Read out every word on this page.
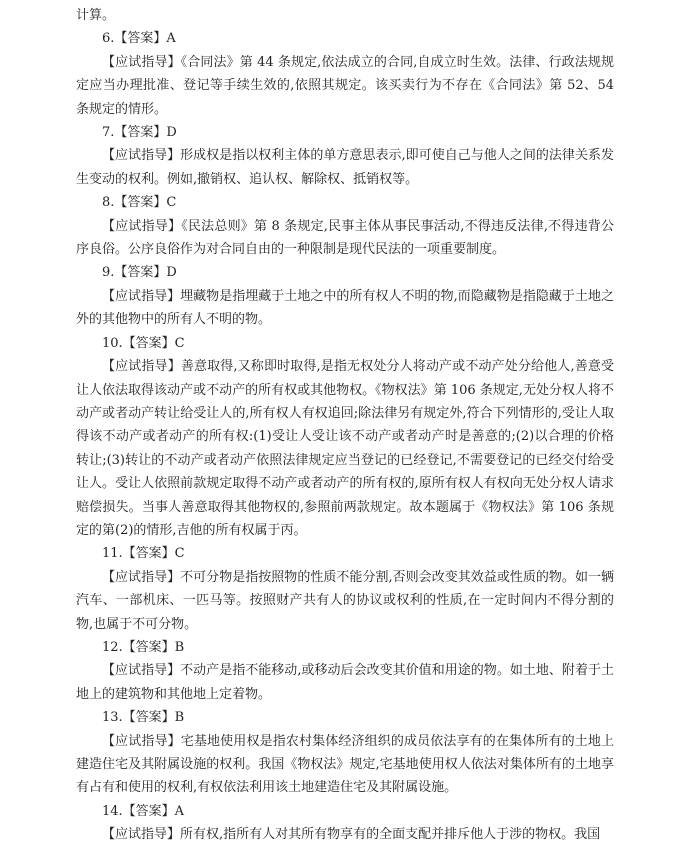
计算。

6.【答案】A

【应试指导】《合同法》第 44 条规定,依法成立的合同,自成立时生效。法律、行政法规规定应当办理批准、登记等手续生效的,依照其规定。该买卖行为不存在《合同法》第 52、54 条规定的情形。

7.【答案】D

【应试指导】形成权是指以权利主体的单方意思表示,即可使自己与他人之间的法律关系发生变动的权利。例如,撤销权、追认权、解除权、抵销权等。

8.【答案】C

【应试指导】《民法总则》第 8 条规定,民事主体从事民事活动,不得违反法律,不得违背公序良俗。公序良俗作为对合同自由的一种限制是现代民法的一项重要制度。

9.【答案】D

【应试指导】埋藏物是指埋藏于土地之中的所有权人不明的物,而隐藏物是指隐藏于土地之外的其他物中的所有人不明的物。

10.【答案】C

【应试指导】善意取得,又称即时取得,是指无权处分人将动产或不动产处分给他人,善意受让人依法取得该动产或不动产的所有权或其他物权。《物权法》第 106 条规定,无处分权人将不动产或者动产转让给受让人的,所有权人有权追回;除法律另有规定外,符合下列情形的,受让人取得该不动产或者动产的所有权:(1)受让人受让该不动产或者动产时是善意的;(2)以合理的价格转让;(3)转让的不动产或者动产依照法律规定应当登记的已经登记,不需要登记的已经交付给受让人。受让人依照前款规定取得不动产或者动产的所有权的,原所有权人有权向无处分权人请求赔偿损失。当事人善意取得其他物权的,参照前两款规定。故本题属于《物权法》第 106 条规定的第(2)的情形,吉他的所有权属于丙。

11.【答案】C

【应试指导】不可分物是指按照物的性质不能分割,否则会改变其效益或性质的物。如一辆汽车、一部机床、一匹马等。按照财产共有人的协议或权利的性质,在一定时间内不得分割的物,也属于不可分物。

12.【答案】B

【应试指导】不动产是指不能移动,或移动后会改变其价值和用途的物。如土地、附着于土地上的建筑物和其他地上定着物。

13.【答案】B

【应试指导】宅基地使用权是指农村集体经济组织的成员依法享有的在集体所有的土地上建造住宅及其附属设施的权利。我国《物权法》规定,宅基地使用权人依法对集体所有的土地享有占有和使用的权利,有权依法利用该土地建造住宅及其附属设施。

14.【答案】A

【应试指导】所有权,指所有人对其所有物享有的全面支配并排斥他人于涉的物权。我国
